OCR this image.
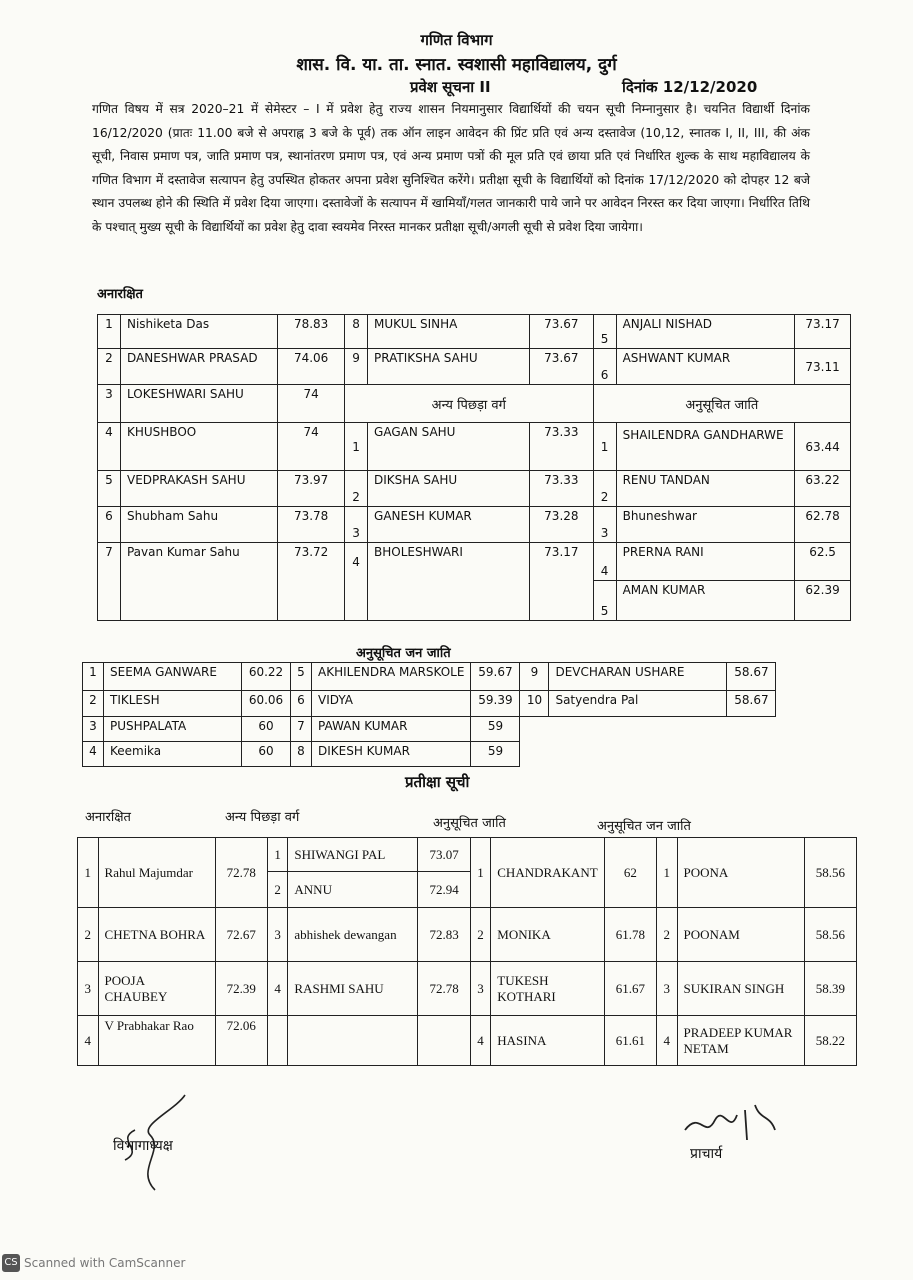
गणित विभाग
शास. वि. या. ता. स्नात. स्वशासी महाविद्यालय, दुर्ग
प्रवेश सूचना II	दिनांक 12/12/2020
गणित विषय में सत्र 2020–21 में सेमेस्टर – I में प्रवेश हेतु राज्य शासन नियमानुसार विद्यार्थियों की चयन सूची निम्नानुसार है। चयनित विद्यार्थी दिनांक 16/12/2020 (प्रातः 11.00 बजे से अपराह्न 3 बजे के पूर्व) तक ऑन लाइन आवेदन की प्रिंट प्रति एवं अन्य दस्तावेज (10,12, स्नातक I, II, III, की अंक सूची, निवास प्रमाण पत्र, जाति प्रमाण पत्र, स्थानांतरण प्रमाण पत्र, एवं अन्य प्रमाण पत्रों की मूल प्रति एवं छाया प्रति एवं निर्धारित शुल्क के साथ महाविद्यालय के गणित विभाग में दस्तावेज सत्यापन हेतु उपस्थित होकतर अपना प्रवेश सुनिश्चित करेंगे। प्रतीक्षा सूची के विद्यार्थियों को दिनांक 17/12/2020 को दोपहर 12 बजे स्थान उपलब्ध होने की स्थिति में प्रवेश दिया जाएगा। दस्तावेजों के सत्यापन में खामियाँ/गलत जानकारी पाये जाने पर आवेदन निरस्त कर दिया जाएगा। निर्धारित तिथि के पश्चात् मुख्य सूची के विद्यार्थियों का प्रवेश हेतु दावा स्वयमेव निरस्त मानकर प्रतीक्षा सूची/अगली सूची से प्रवेश दिया जायेगा।
अनारक्षित
1	Nishiketa Das	78.83	8	MUKUL SINHA	73.67	5	ANJALI NISHAD	73.17
2	DANESHWAR PRASAD	74.06	9	PRATIKSHA SAHU	73.67	6	ASHWANT KUMAR	73.11
3	LOKESHWARI SAHU	74	अन्य पिछड़ा वर्ग			अनुसूचित जाति		
4	KHUSHBOO	74	1	GAGAN SAHU	73.33	1	SHAILENDRA GANDHARWE	63.44
5	VEDPRAKASH SAHU	73.97	2	DIKSHA SAHU	73.33	2	RENU TANDAN	63.22
6	Shubham Sahu	73.78	3	GANESH KUMAR	73.28	3	Bhuneshwar	62.78
7	Pavan Kumar Sahu	73.72	4	BHOLESHWARI	73.17	4	PRERNA RANI	62.5
						5	AMAN KUMAR	62.39
अनुसूचित जन जाति
1	SEEMA GANWARE	60.22	5	AKHILENDRA MARSKOLE	59.67	9	DEVCHARAN USHARE	58.67
2	TIKLESH	60.06	6	VIDYA	59.39	10	Satyendra Pal	58.67
3	PUSHPALATA	60	7	PAWAN KUMAR	59			
4	Keemika	60	8	DIKESH KUMAR	59			
प्रतीक्षा सूची
अनारक्षित	अन्य पिछड़ा वर्ग	अनुसूचित जाति	अनुसूचित जन जाति
1	Rahul Majumdar	72.78	1	SHIWANGI PAL	73.07	1	CHANDRAKANT	62	1	POONA	58.56
			2	ANNU	72.94						
2	CHETNA BOHRA	72.67	3	abhishek dewangan	72.83	2	MONIKA	61.78	2	POONAM	58.56
3	POOJA CHAUBEY	72.39	4	RASHMI SAHU	72.78	3	TUKESH KOTHARI	61.67	3	SUKIRAN SINGH	58.39
4	V Prabhakar Rao	72.06				4	HASINA	61.61	4	PRADEEP KUMAR NETAM	58.22
विभागाध्यक्ष	प्राचार्य
CS Scanned with CamScanner
